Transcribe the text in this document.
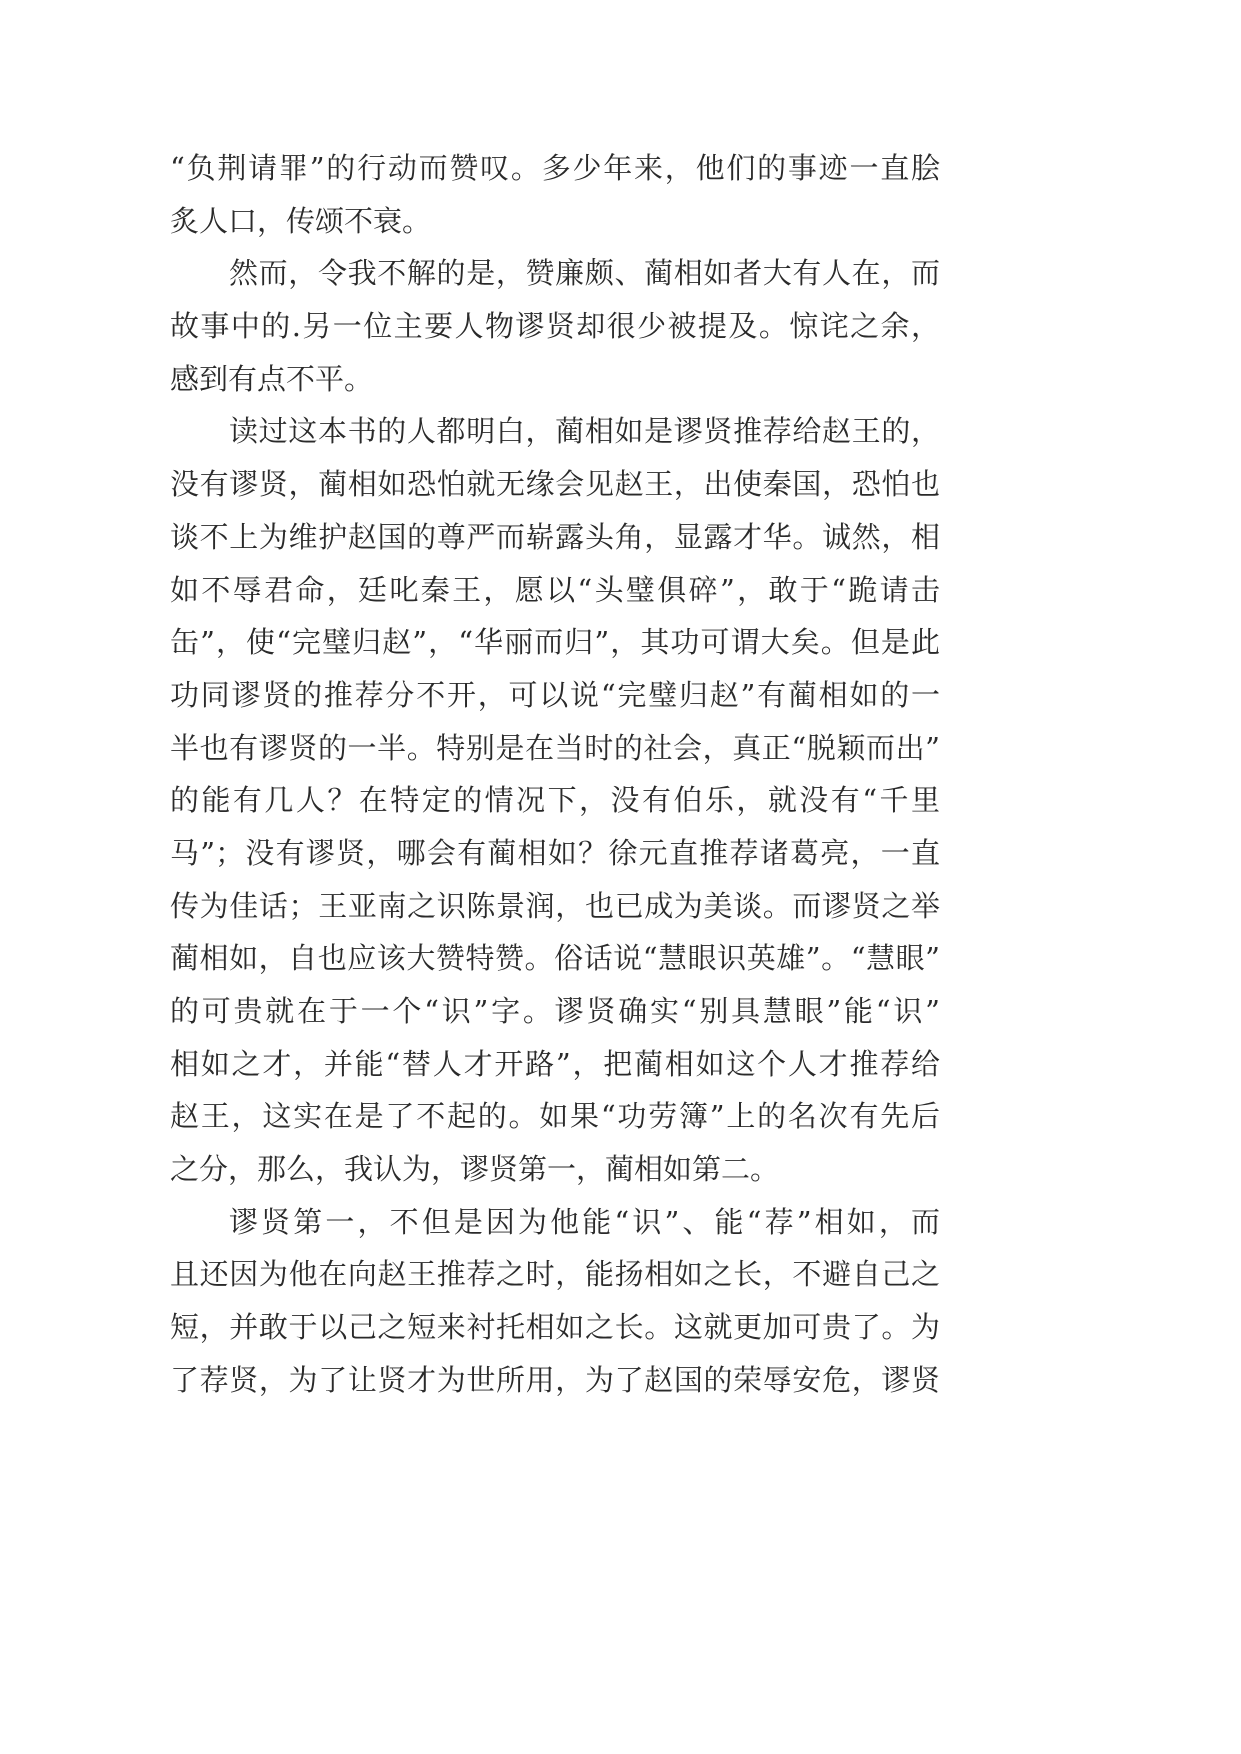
“负荆请罪”的行动而赞叹。多少年来，他们的事迹一直脍
炙人口，传颂不衰。
然而，令我不解的是，赞廉颇、蔺相如者大有人在，而
故事中的.另一位主要人物谬贤却很少被提及。惊诧之余，
感到有点不平。
读过这本书的人都明白，蔺相如是谬贤推荐给赵王的，
没有谬贤，蔺相如恐怕就无缘会见赵王，出使秦国，恐怕也
谈不上为维护赵国的尊严而崭露头角，显露才华。诚然，相
如不辱君命，廷叱秦王，愿以“头璧俱碎”，敢于“跪请击
缶”，使“完璧归赵”，“华丽而归”，其功可谓大矣。但是此
功同谬贤的推荐分不开，可以说“完璧归赵”有蔺相如的一
半也有谬贤的一半。特别是在当时的社会，真正“脱颖而出”
的能有几人？在特定的情况下，没有伯乐，就没有“千里
马”；没有谬贤，哪会有蔺相如？徐元直推荐诸葛亮，一直
传为佳话；王亚南之识陈景润，也已成为美谈。而谬贤之举
蔺相如，自也应该大赞特赞。俗话说“慧眼识英雄”。“慧眼”
的可贵就在于一个“识”字。谬贤确实“别具慧眼”能“识”
相如之才，并能“替人才开路”，把蔺相如这个人才推荐给
赵王，这实在是了不起的。如果“功劳簿”上的名次有先后
之分，那么，我认为，谬贤第一，蔺相如第二。
谬贤第一，不但是因为他能“识”、能“荐”相如，而
且还因为他在向赵王推荐之时，能扬相如之长，不避自己之
短，并敢于以己之短来衬托相如之长。这就更加可贵了。为
了荐贤，为了让贤才为世所用，为了赵国的荣辱安危，谬贤
